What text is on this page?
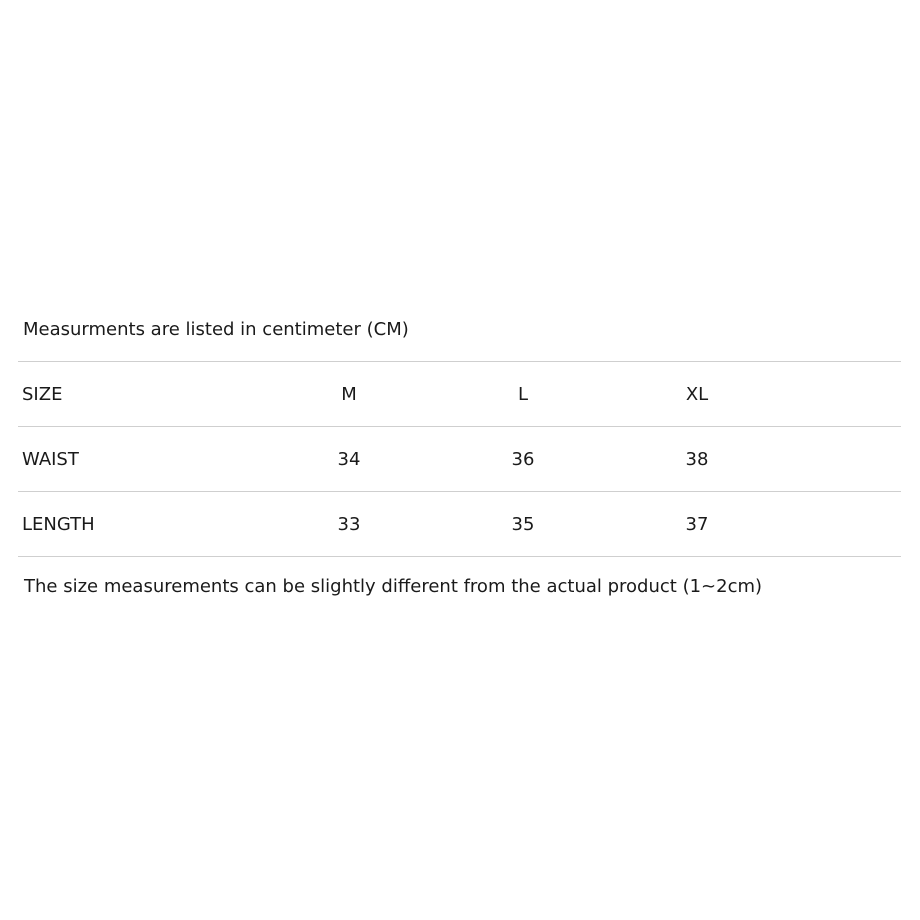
Measurments are listed in centimeter (CM)
SIZE	M	L	XL	
WAIST	34	36	38	
LENGTH	33	35	37	
The size measurements can be slightly different from the actual product (1~2cm)
